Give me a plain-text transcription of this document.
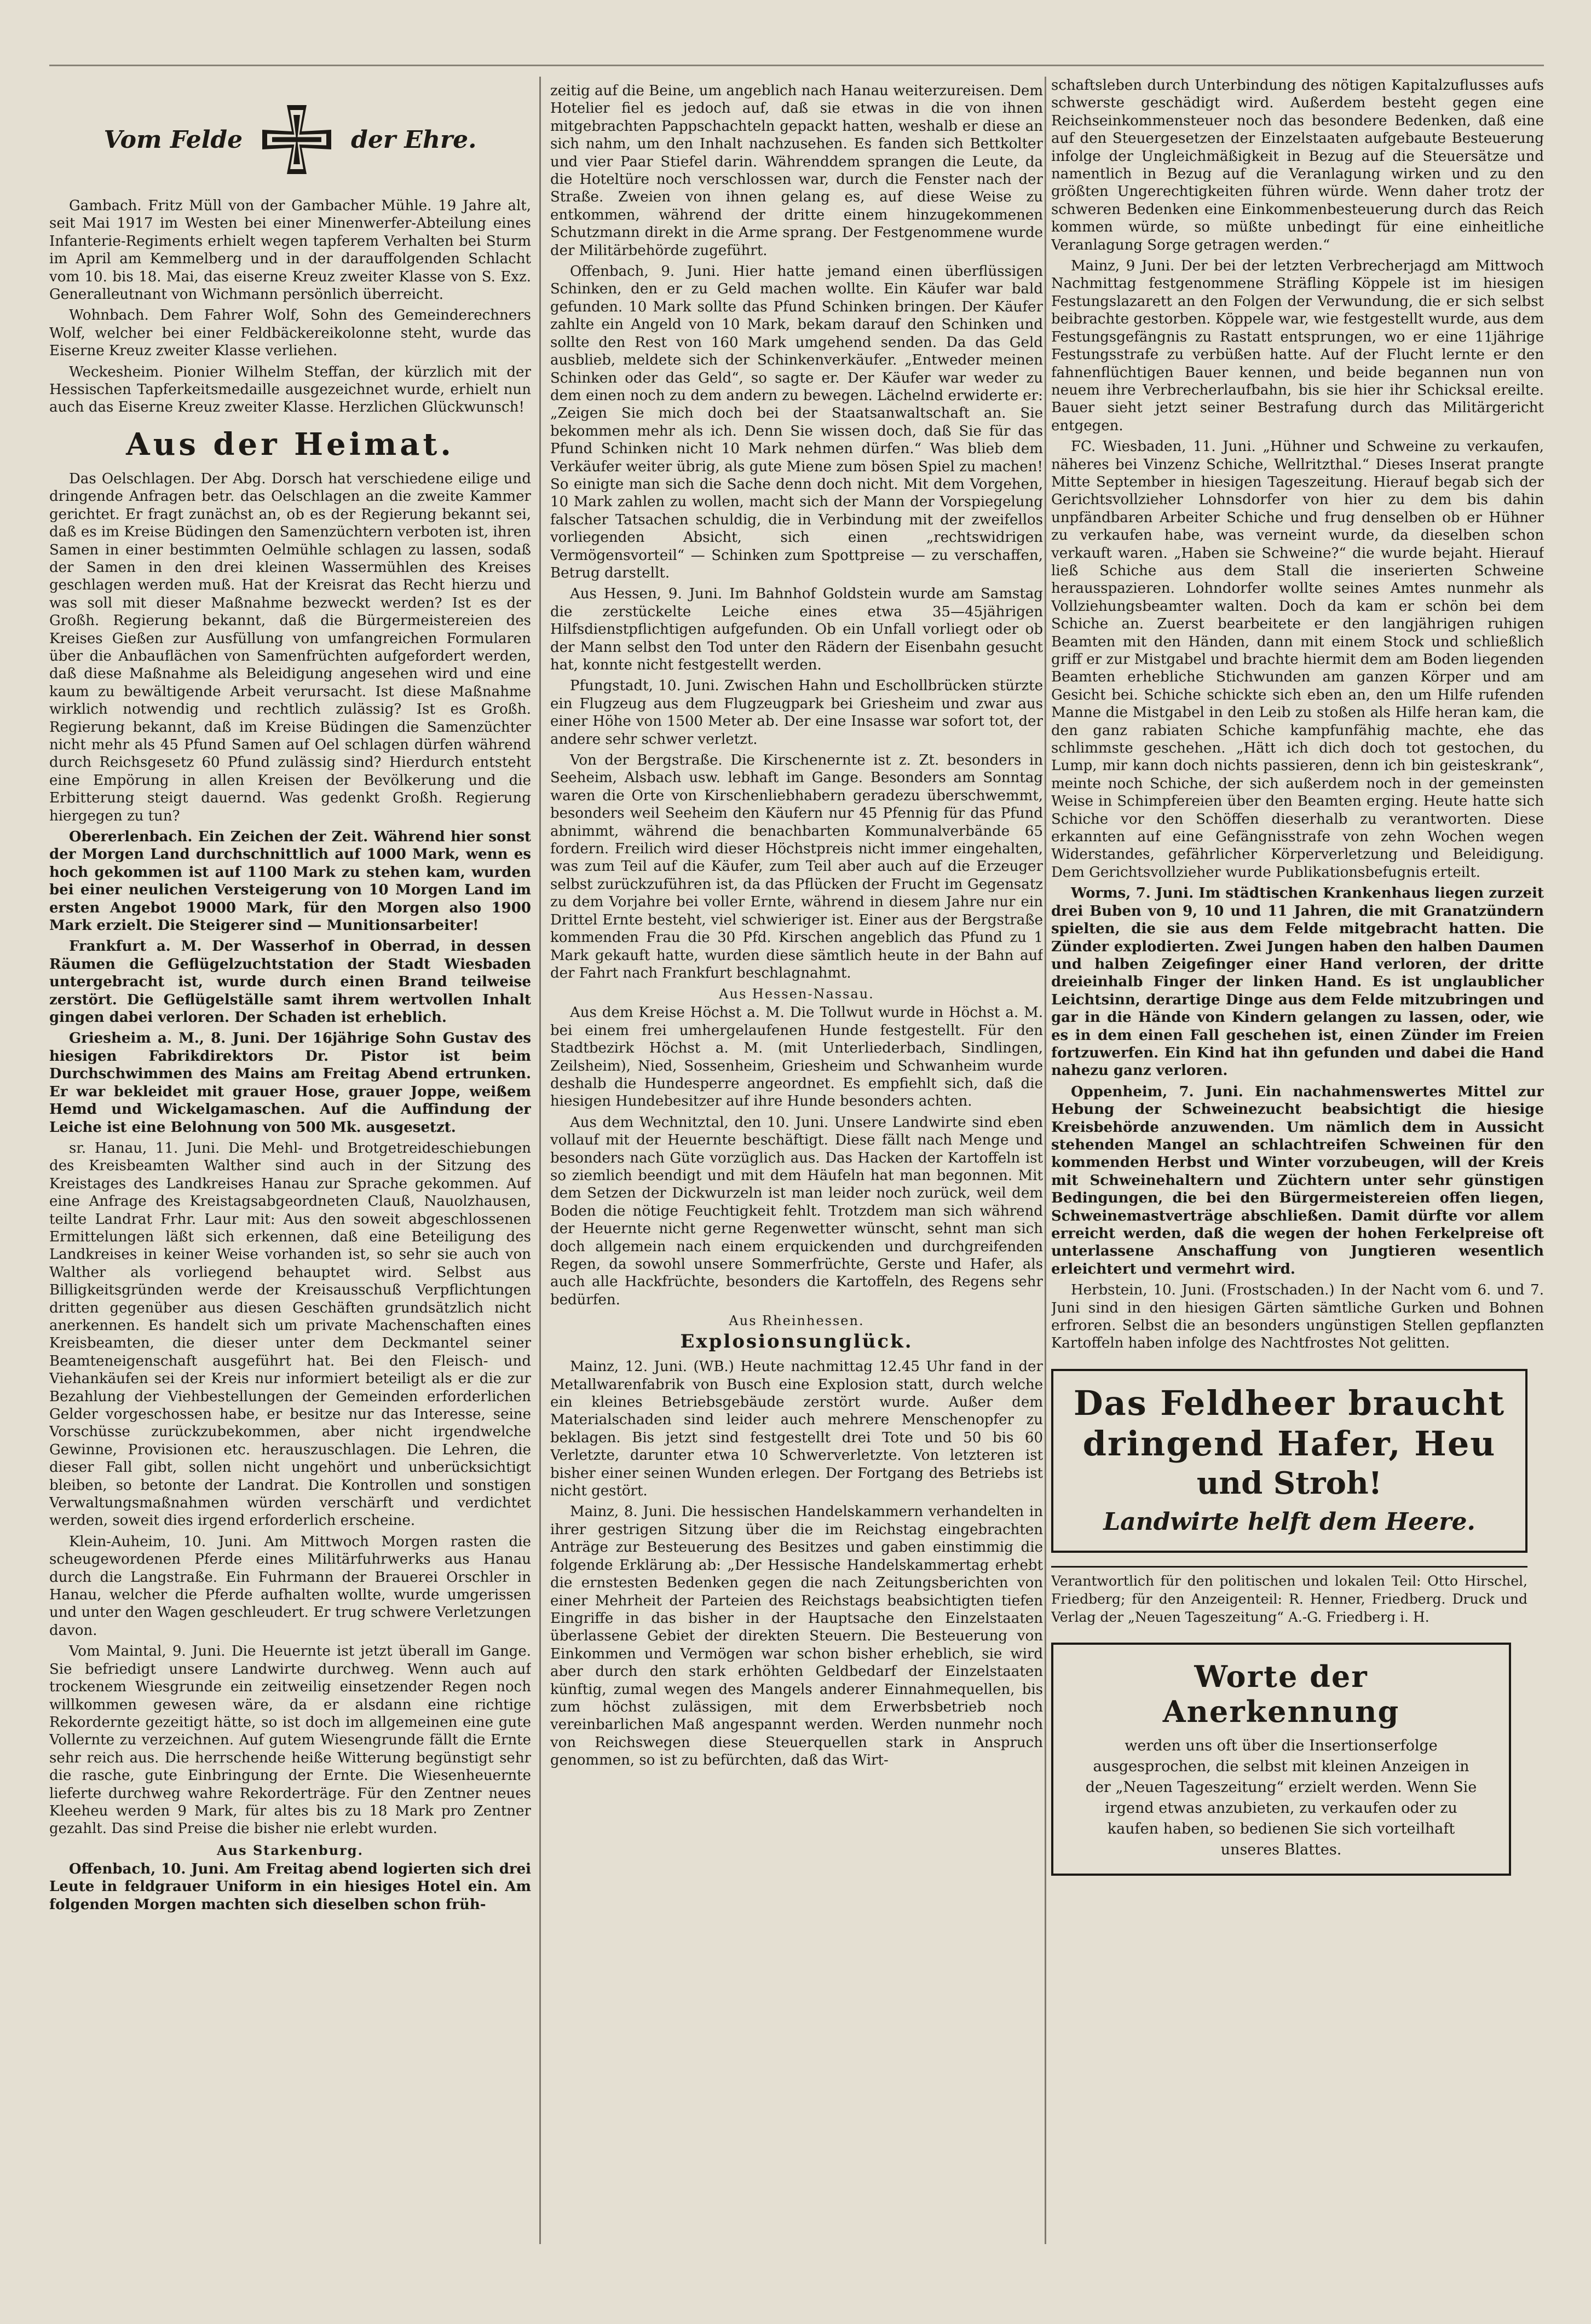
Vom Felde	der Ehre.

Gambach. Fritz Müll von der Gambacher Mühle. 19 Jahre alt, seit Mai 1917 im Westen bei einer Minenwerfer-Abteilung eines Infanterie-Regiments erhielt wegen tapferem Verhalten bei Sturm im April am Kemmelberg und in der darauffolgenden Schlacht vom 10. bis 18. Mai, das eiserne Kreuz zweiter Klasse von S. Exz. Generalleutnant von Wichmann persönlich überreicht.

Wohnbach. Dem Fahrer Wolf, Sohn des Gemeinderechners Wolf, welcher bei einer Feldbäckereikolonne steht, wurde das Eiserne Kreuz zweiter Klasse verliehen.

Weckesheim. Pionier Wilhelm Steffan, der kürzlich mit der Hessischen Tapferkeitsmedaille ausgezeichnet wurde, erhielt nun auch das Eiserne Kreuz zweiter Klasse. Herzlichen Glückwunsch!

Aus der Heimat.

Das Oelschlagen. Der Abg. Dorsch hat verschiedene eilige und dringende Anfragen betr. das Oelschlagen an die zweite Kammer gerichtet. Er fragt zunächst an, ob es der Regierung bekannt sei, daß es im Kreise Büdingen den Samenzüchtern verboten ist, ihren Samen in einer bestimmten Oelmühle schlagen zu lassen, sodaß der Samen in den drei kleinen Wassermühlen des Kreises geschlagen werden muß. Hat der Kreisrat das Recht hierzu und was soll mit dieser Maßnahme bezweckt werden? Ist es der Großh. Regierung bekannt, daß die Bürgermeistereien des Kreises Gießen zur Ausfüllung von umfangreichen Formularen über die Anbauflächen von Samenfrüchten aufgefordert werden, daß diese Maßnahme als Beleidigung angesehen wird und eine kaum zu bewältigende Arbeit verursacht. Ist diese Maßnahme wirklich notwendig und rechtlich zulässig? Ist es Großh. Regierung bekannt, daß im Kreise Büdingen die Samenzüchter nicht mehr als 45 Pfund Samen auf Oel schlagen dürfen während durch Reichsgesetz 60 Pfund zulässig sind? Hierdurch entsteht eine Empörung in allen Kreisen der Bevölkerung und die Erbitterung steigt dauernd. Was gedenkt Großh. Regierung hiergegen zu tun?

Obererlenbach. Ein Zeichen der Zeit. Während hier sonst der Morgen Land durchschnittlich auf 1000 Mark, wenn es hoch gekommen ist auf 1100 Mark zu stehen kam, wurden bei einer neulichen Versteigerung von 10 Morgen Land im ersten Angebot 19000 Mark, für den Morgen also 1900 Mark erzielt. Die Steigerer sind — Munitionsarbeiter!

Frankfurt a. M. Der Wasserhof in Oberrad, in dessen Räumen die Geflügelzuchtstation der Stadt Wiesbaden untergebracht ist, wurde durch einen Brand teilweise zerstört. Die Geflügelställe samt ihrem wertvollen Inhalt gingen dabei verloren. Der Schaden ist erheblich.

Griesheim a. M., 8. Juni. Der 16jährige Sohn Gustav des hiesigen Fabrikdirektors Dr. Pistor ist beim Durchschwimmen des Mains am Freitag Abend ertrunken. Er war bekleidet mit grauer Hose, grauer Joppe, weißem Hemd und Wickelgamaschen. Auf die Auffindung der Leiche ist eine Belohnung von 500 Mk. ausgesetzt.

sr. Hanau, 11. Juni. Die Mehl- und Brotgetreideschiebungen des Kreisbeamten Walther sind auch in der Sitzung des Kreistages des Landkreises Hanau zur Sprache gekommen. Auf eine Anfrage des Kreistagsabgeordneten Clauß, Nauolzhausen, teilte Landrat Frhr. Laur mit: Aus den soweit abgeschlossenen Ermittelungen läßt sich erkennen, daß eine Beteiligung des Landkreises in keiner Weise vorhanden ist, so sehr sie auch von Walther als vorliegend behauptet wird. Selbst aus Billigkeitsgründen werde der Kreisausschuß Verpflichtungen dritten gegenüber aus diesen Geschäften grundsätzlich nicht anerkennen. Es handelt sich um private Machenschaften eines Kreisbeamten, die dieser unter dem Deckmantel seiner Beamteneigenschaft ausgeführt hat. Bei den Fleisch- und Viehankäufen sei der Kreis nur informiert beteiligt als er die zur Bezahlung der Viehbestellungen der Gemeinden erforderlichen Gelder vorgeschossen habe, er besitze nur das Interesse, seine Vorschüsse zurückzubekommen, aber nicht irgendwelche Gewinne, Provisionen etc. herauszuschlagen. Die Lehren, die dieser Fall gibt, sollen nicht ungehört und unberücksichtigt bleiben, so betonte der Landrat. Die Kontrollen und sonstigen Verwaltungsmaßnahmen würden verschärft und verdichtet werden, soweit dies irgend erforderlich erscheine.

Klein-Auheim, 10. Juni. Am Mittwoch Morgen rasten die scheugewordenen Pferde eines Militärfuhrwerks aus Hanau durch die Langstraße. Ein Fuhrmann der Brauerei Orschler in Hanau, welcher die Pferde aufhalten wollte, wurde umgerissen und unter den Wagen geschleudert. Er trug schwere Verletzungen davon.

Vom Maintal, 9. Juni. Die Heuernte ist jetzt überall im Gange. Sie befriedigt unsere Landwirte durchweg. Wenn auch auf trockenem Wiesgrunde ein zeitweilig einsetzender Regen noch willkommen gewesen wäre, da er alsdann eine richtige Rekordernte gezeitigt hätte, so ist doch im allgemeinen eine gute Vollernte zu verzeichnen. Auf gutem Wiesengrunde fällt die Ernte sehr reich aus. Die herrschende heiße Witterung begünstigt sehr die rasche, gute Einbringung der Ernte. Die Wiesenheuernte lieferte durchweg wahre Rekorderträge. Für den Zentner neues Kleeheu werden 9 Mark, für altes bis zu 18 Mark pro Zentner gezahlt. Das sind Preise die bisher nie erlebt wurden.

Aus Starkenburg.

Offenbach, 10. Juni. Am Freitag abend logierten sich drei Leute in feldgrauer Uniform in ein hiesiges Hotel ein. Am folgenden Morgen machten sich dieselben schon früh-

zeitig auf die Beine, um angeblich nach Hanau weiterzureisen. Dem Hotelier fiel es jedoch auf, daß sie etwas in die von ihnen mitgebrachten Pappschachteln gepackt hatten, weshalb er diese an sich nahm, um den Inhalt nachzusehen. Es fanden sich Bettkolter und vier Paar Stiefel darin. Währenddem sprangen die Leute, da die Hoteltüre noch verschlossen war, durch die Fenster nach der Straße. Zweien von ihnen gelang es, auf diese Weise zu entkommen, während der dritte einem hinzugekommenen Schutzmann direkt in die Arme sprang. Der Festgenommene wurde der Militärbehörde zugeführt.

Offenbach, 9. Juni. Hier hatte jemand einen überflüssigen Schinken, den er zu Geld machen wollte. Ein Käufer war bald gefunden. 10 Mark sollte das Pfund Schinken bringen. Der Käufer zahlte ein Angeld von 10 Mark, bekam darauf den Schinken und sollte den Rest von 160 Mark umgehend senden. Da das Geld ausblieb, meldete sich der Schinkenverkäufer. „Entweder meinen Schinken oder das Geld“, so sagte er. Der Käufer war weder zu dem einen noch zu dem andern zu bewegen. Lächelnd erwiderte er: „Zeigen Sie mich doch bei der Staatsanwaltschaft an. Sie bekommen mehr als ich. Denn Sie wissen doch, daß Sie für das Pfund Schinken nicht 10 Mark nehmen dürfen.“ Was blieb dem Verkäufer weiter übrig, als gute Miene zum bösen Spiel zu machen! So einigte man sich die Sache denn doch nicht. Mit dem Vorgehen, 10 Mark zahlen zu wollen, macht sich der Mann der Vorspiegelung falscher Tatsachen schuldig, die in Verbindung mit der zweifellos vorliegenden Absicht, sich einen „rechtswidrigen Vermögensvorteil“ — Schinken zum Spottpreise — zu verschaffen, Betrug darstellt.

Aus Hessen, 9. Juni. Im Bahnhof Goldstein wurde am Samstag die zerstückelte Leiche eines etwa 35—45jährigen Hilfsdienstpflichtigen aufgefunden. Ob ein Unfall vorliegt oder ob der Mann selbst den Tod unter den Rädern der Eisenbahn gesucht hat, konnte nicht festgestellt werden.

Pfungstadt, 10. Juni. Zwischen Hahn und Eschollbrücken stürzte ein Flugzeug aus dem Flugzeugpark bei Griesheim und zwar aus einer Höhe von 1500 Meter ab. Der eine Insasse war sofort tot, der andere sehr schwer verletzt.

Von der Bergstraße. Die Kirschenernte ist z. Zt. besonders in Seeheim, Alsbach usw. lebhaft im Gange. Besonders am Sonntag waren die Orte von Kirschenliebhabern geradezu überschwemmt, besonders weil Seeheim den Käufern nur 45 Pfennig für das Pfund abnimmt, während die benachbarten Kommunalverbände 65 fordern. Freilich wird dieser Höchstpreis nicht immer eingehalten, was zum Teil auf die Käufer, zum Teil aber auch auf die Erzeuger selbst zurückzuführen ist, da das Pflücken der Frucht im Gegensatz zu dem Vorjahre bei voller Ernte, während in diesem Jahre nur ein Drittel Ernte besteht, viel schwieriger ist. Einer aus der Bergstraße kommenden Frau die 30 Pfd. Kirschen angeblich das Pfund zu 1 Mark gekauft hatte, wurden diese sämtlich heute in der Bahn auf der Fahrt nach Frankfurt beschlagnahmt.

Aus Hessen-Nassau.

Aus dem Kreise Höchst a. M. Die Tollwut wurde in Höchst a. M. bei einem frei umhergelaufenen Hunde festgestellt. Für den Stadtbezirk Höchst a. M. (mit Unterliederbach, Sindlingen, Zeilsheim), Nied, Sossenheim, Griesheim und Schwanheim wurde deshalb die Hundesperre angeordnet. Es empfiehlt sich, daß die hiesigen Hundebesitzer auf ihre Hunde besonders achten.

Aus dem Wechnitztal, den 10. Juni. Unsere Landwirte sind eben vollauf mit der Heuernte beschäftigt. Diese fällt nach Menge und besonders nach Güte vorzüglich aus. Das Hacken der Kartoffeln ist so ziemlich beendigt und mit dem Häufeln hat man begonnen. Mit dem Setzen der Dickwurzeln ist man leider noch zurück, weil dem Boden die nötige Feuchtigkeit fehlt. Trotzdem man sich während der Heuernte nicht gerne Regenwetter wünscht, sehnt man sich doch allgemein nach einem erquickenden und durchgreifenden Regen, da sowohl unsere Sommerfrüchte, Gerste und Hafer, als auch alle Hackfrüchte, besonders die Kartoffeln, des Regens sehr bedürfen.

Aus Rheinhessen.
Explosionsunglück.

Mainz, 12. Juni. (WB.) Heute nachmittag 12.45 Uhr fand in der Metallwarenfabrik von Busch eine Explosion statt, durch welche ein kleines Betriebsgebäude zerstört wurde. Außer dem Materialschaden sind leider auch mehrere Menschenopfer zu beklagen. Bis jetzt sind festgestellt drei Tote und 50 bis 60 Verletzte, darunter etwa 10 Schwerverletzte. Von letzteren ist bisher einer seinen Wunden erlegen. Der Fortgang des Betriebs ist nicht gestört.

Mainz, 8. Juni. Die hessischen Handelskammern verhandelten in ihrer gestrigen Sitzung über die im Reichstag eingebrachten Anträge zur Besteuerung des Besitzes und gaben einstimmig die folgende Erklärung ab: „Der Hessische Handelskammertag erhebt die ernstesten Bedenken gegen die nach Zeitungsberichten von einer Mehrheit der Parteien des Reichstags beabsichtigten tiefen Eingriffe in das bisher in der Hauptsache den Einzelstaaten überlassene Gebiet der direkten Steuern. Die Besteuerung von Einkommen und Vermögen war schon bisher erheblich, sie wird aber durch den stark erhöhten Geldbedarf der Einzelstaaten künftig, zumal wegen des Mangels anderer Einnahmequellen, bis zum höchst zulässigen, mit dem Erwerbsbetrieb noch vereinbarlichen Maß angespannt werden. Werden nunmehr noch von Reichswegen diese Steuerquellen stark in Anspruch genommen, so ist zu befürchten, daß das Wirt-

schaftsleben durch Unterbindung des nötigen Kapitalzuflusses aufs schwerste geschädigt wird. Außerdem besteht gegen eine Reichseinkommensteuer noch das besondere Bedenken, daß eine auf den Steuergesetzen der Einzelstaaten aufgebaute Besteuerung infolge der Ungleichmäßigkeit in Bezug auf die Steuersätze und namentlich in Bezug auf die Veranlagung wirken und zu den größten Ungerechtigkeiten führen würde. Wenn daher trotz der schweren Bedenken eine Einkommenbesteuerung durch das Reich kommen würde, so müßte unbedingt für eine einheitliche Veranlagung Sorge getragen werden.“

Mainz, 9 Juni. Der bei der letzten Verbrecherjagd am Mittwoch Nachmittag festgenommene Sträfling Köppele ist im hiesigen Festungslazarett an den Folgen der Verwundung, die er sich selbst beibrachte gestorben. Köppele war, wie festgestellt wurde, aus dem Festungsgefängnis zu Rastatt entsprungen, wo er eine 11jährige Festungsstrafe zu verbüßen hatte. Auf der Flucht lernte er den fahnenflüchtigen Bauer kennen, und beide begannen nun von neuem ihre Verbrecherlaufbahn, bis sie hier ihr Schicksal ereilte. Bauer sieht jetzt seiner Bestrafung durch das Militärgericht entgegen.

FC. Wiesbaden, 11. Juni. „Hühner und Schweine zu verkaufen, näheres bei Vinzenz Schiche, Wellritzthal.“ Dieses Inserat prangte Mitte September in hiesigen Tageszeitung. Hierauf begab sich der Gerichtsvollzieher Lohnsdorfer von hier zu dem bis dahin unpfändbaren Arbeiter Schiche und frug denselben ob er Hühner zu verkaufen habe, was verneint wurde, da dieselben schon verkauft waren. „Haben sie Schweine?“ die wurde bejaht. Hierauf ließ Schiche aus dem Stall die inserierten Schweine herausspazieren. Lohndorfer wollte seines Amtes nunmehr als Vollziehungsbeamter walten. Doch da kam er schön bei dem Schiche an. Zuerst bearbeitete er den langjährigen ruhigen Beamten mit den Händen, dann mit einem Stock und schließlich griff er zur Mistgabel und brachte hiermit dem am Boden liegenden Beamten erhebliche Stichwunden am ganzen Körper und am Gesicht bei. Schiche schickte sich eben an, den um Hilfe rufenden Manne die Mistgabel in den Leib zu stoßen als Hilfe heran kam, die den ganz rabiaten Schiche kampfunfähig machte, ehe das schlimmste geschehen. „Hätt ich dich doch tot gestochen, du Lump, mir kann doch nichts passieren, denn ich bin geisteskrank“, meinte noch Schiche, der sich außerdem noch in der gemeinsten Weise in Schimpfereien über den Beamten erging. Heute hatte sich Schiche vor den Schöffen dieserhalb zu verantworten. Diese erkannten auf eine Gefängnisstrafe von zehn Wochen wegen Widerstandes, gefährlicher Körperverletzung und Beleidigung. Dem Gerichtsvollzieher wurde Publikationsbefugnis erteilt.

Worms, 7. Juni. Im städtischen Krankenhaus liegen zurzeit drei Buben von 9, 10 und 11 Jahren, die mit Granatzündern spielten, die sie aus dem Felde mitgebracht hatten. Die Zünder explodierten. Zwei Jungen haben den halben Daumen und halben Zeigefinger einer Hand verloren, der dritte dreieinhalb Finger der linken Hand. Es ist unglaublicher Leichtsinn, derartige Dinge aus dem Felde mitzubringen und gar in die Hände von Kindern gelangen zu lassen, oder, wie es in dem einen Fall geschehen ist, einen Zünder im Freien fortzuwerfen. Ein Kind hat ihn gefunden und dabei die Hand nahezu ganz verloren.

Oppenheim, 7. Juni. Ein nachahmenswertes Mittel zur Hebung der Schweinezucht beabsichtigt die hiesige Kreisbehörde anzuwenden. Um nämlich dem in Aussicht stehenden Mangel an schlachtreifen Schweinen für den kommenden Herbst und Winter vorzubeugen, will der Kreis mit Schweinehaltern und Züchtern unter sehr günstigen Bedingungen, die bei den Bürgermeistereien offen liegen, Schweinemastverträge abschließen. Damit dürfte vor allem erreicht werden, daß die wegen der hohen Ferkelpreise oft unterlassene Anschaffung von Jungtieren wesentlich erleichtert und vermehrt wird.

Herbstein, 10. Juni. (Frostschaden.) In der Nacht vom 6. und 7. Juni sind in den hiesigen Gärten sämtliche Gurken und Bohnen erfroren. Selbst die an besonders ungünstigen Stellen gepflanzten Kartoffeln haben infolge des Nachtfrostes Not gelitten.

Das Feldheer braucht
dringend Hafer, Heu
und Stroh!
Landwirte helft dem Heere.

Verantwortlich für den politischen und lokalen Teil: Otto Hirschel, Friedberg; für den Anzeigenteil: R. Henner, Friedberg. Druck und Verlag der „Neuen Tageszeitung“ A.-G. Friedberg i. H.

Worte der Anerkennung

werden uns oft über die Insertionserfolge ausgesprochen, die selbst mit kleinen Anzeigen in der „Neuen Tageszeitung“ erzielt werden. Wenn Sie irgend etwas anzubieten, zu verkaufen oder zu kaufen haben, so bedienen Sie sich vorteilhaft unseres Blattes.
